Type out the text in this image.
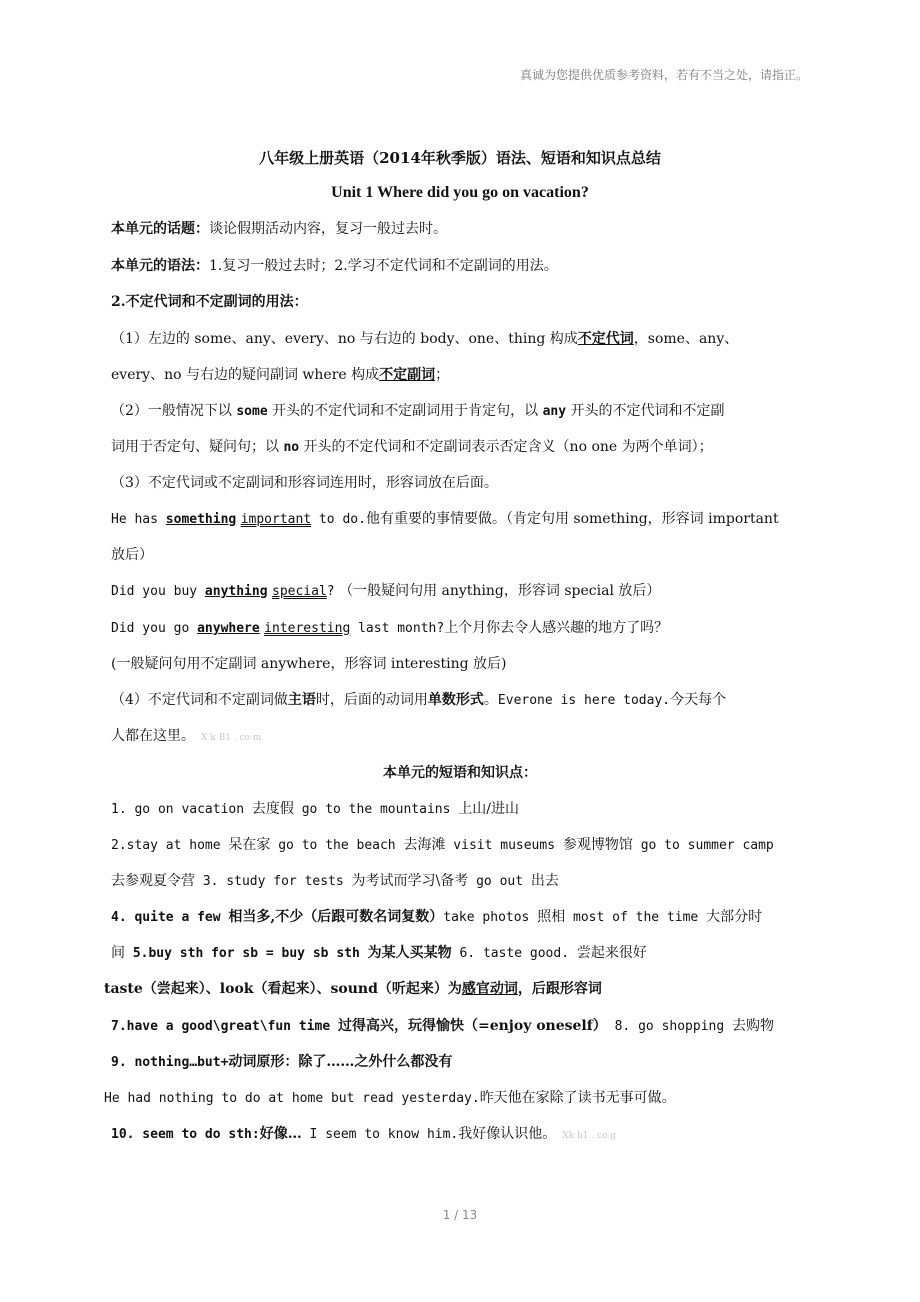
真诚为您提供优质参考资料，若有不当之处，请指正。
八年级上册英语（2014年秋季版）语法、短语和知识点总结
Unit 1 Where did you go on vacation?
本单元的话题：谈论假期活动内容，复习一般过去时。
本单元的语法：1.复习一般过去时；2.学习不定代词和不定副词的用法。
2.不定代词和不定副词的用法：
（1）左边的 some、any、every、no 与右边的 body、one、thing 构成不定代词，some、any、
every、no 与右边的疑问副词 where 构成不定副词；
（2）一般情况下以 some 开头的不定代词和不定副词用于肯定句，以 any 开头的不定代词和不定副
词用于否定句、疑问句；以 no 开头的不定代词和不定副词表示否定含义（no one 为两个单词）；
（3）不定代词或不定副词和形容词连用时，形容词放在后面。
He has something important to do.他有重要的事情要做。（肯定句用 something，形容词 important
放后）
Did you buy anything special? （一般疑问句用 anything，形容词 special 放后）
Did you go anywhere interesting last month?上个月你去令人感兴趣的地方了吗？
(一般疑问句用不定副词 anywhere，形容词 interesting 放后)
（4）不定代词和不定副词做主语时，后面的动词用单数形式。Everone is here today.今天每个
人都在这里。 X k B1 . co m
本单元的短语和知识点：
1. go on vacation 去度假 go to the mountains 上山/进山
2.stay at home 呆在家 go to the beach 去海滩 visit museums 参观博物馆 go to summer camp
去参观夏令营 3. study for tests 为考试而学习\备考 go out 出去
4. quite a few 相当多,不少（后跟可数名词复数）take photos 照相 most of the time 大部分时
间 5.buy sth for sb = buy sb sth 为某人买某物 6. taste good. 尝起来很好
taste（尝起来）、look（看起来）、sound（听起来）为感官动词，后跟形容词
7.have a good\great\fun time 过得高兴，玩得愉快（=enjoy oneself） 8. go shopping 去购物
9. nothing…but+动词原形：除了……之外什么都没有
He had nothing to do at home but read yesterday.昨天他在家除了读书无事可做。
10. seem to do sth:好像… I seem to know him.我好像认识他。 Xk b1 . co g
1 / 13
